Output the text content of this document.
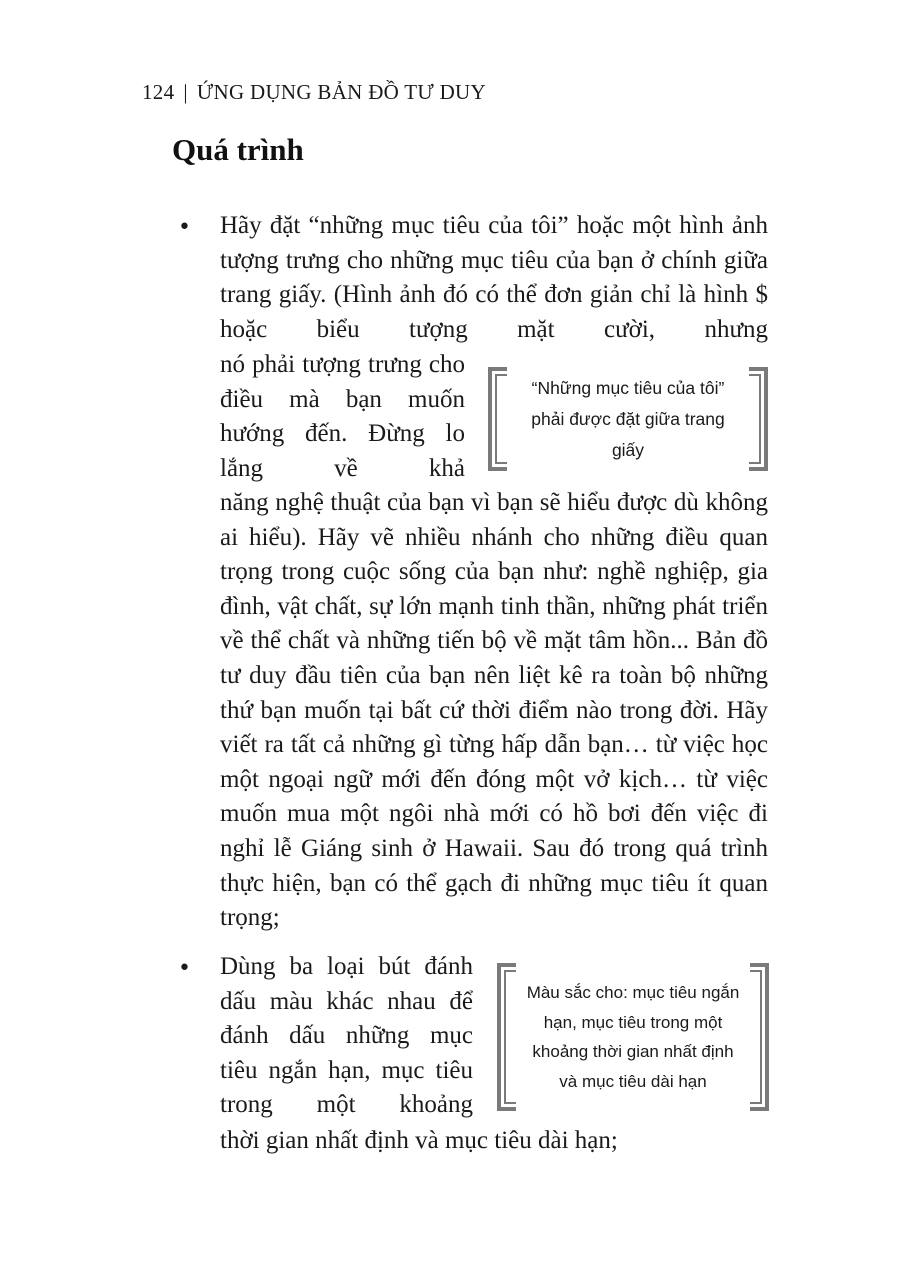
124 | ỨNG DỤNG BẢN ĐỒ TƯ DUY
Quá trình
• Hãy đặt “những mục tiêu của tôi” hoặc một hình ảnh tượng trưng cho những mục tiêu của bạn ở chính giữa trang giấy. (Hình ảnh đó có thể đơn giản chỉ là hình $ hoặc biểu tượng mặt cười, nhưng
nó phải tượng trưng cho điều mà bạn muốn hướng đến. Đừng lo lắng về khả
“Những mục tiêu của tôi” phải được đặt giữa trang giấy
năng nghệ thuật của bạn vì bạn sẽ hiểu được dù không ai hiểu). Hãy vẽ nhiều nhánh cho những điều quan trọng trong cuộc sống của bạn như: nghề nghiệp, gia đình, vật chất, sự lớn mạnh tinh thần, những phát triển về thể chất và những tiến bộ về mặt tâm hồn... Bản đồ tư duy đầu tiên của bạn nên liệt kê ra toàn bộ những thứ bạn muốn tại bất cứ thời điểm nào trong đời. Hãy viết ra tất cả những gì từng hấp dẫn bạn… từ việc học một ngoại ngữ mới đến đóng một vở kịch… từ việc muốn mua một ngôi nhà mới có hồ bơi đến việc đi nghỉ lễ Giáng sinh ở Hawaii. Sau đó trong quá trình thực hiện, bạn có thể gạch đi những mục tiêu ít quan trọng;
• Dùng ba loại bút đánh dấu màu khác nhau để đánh dấu những mục tiêu ngắn hạn, mục tiêu trong một khoảng
Màu sắc cho: mục tiêu ngắn hạn, mục tiêu trong một khoảng thời gian nhất định và mục tiêu dài hạn
thời gian nhất định và mục tiêu dài hạn;
